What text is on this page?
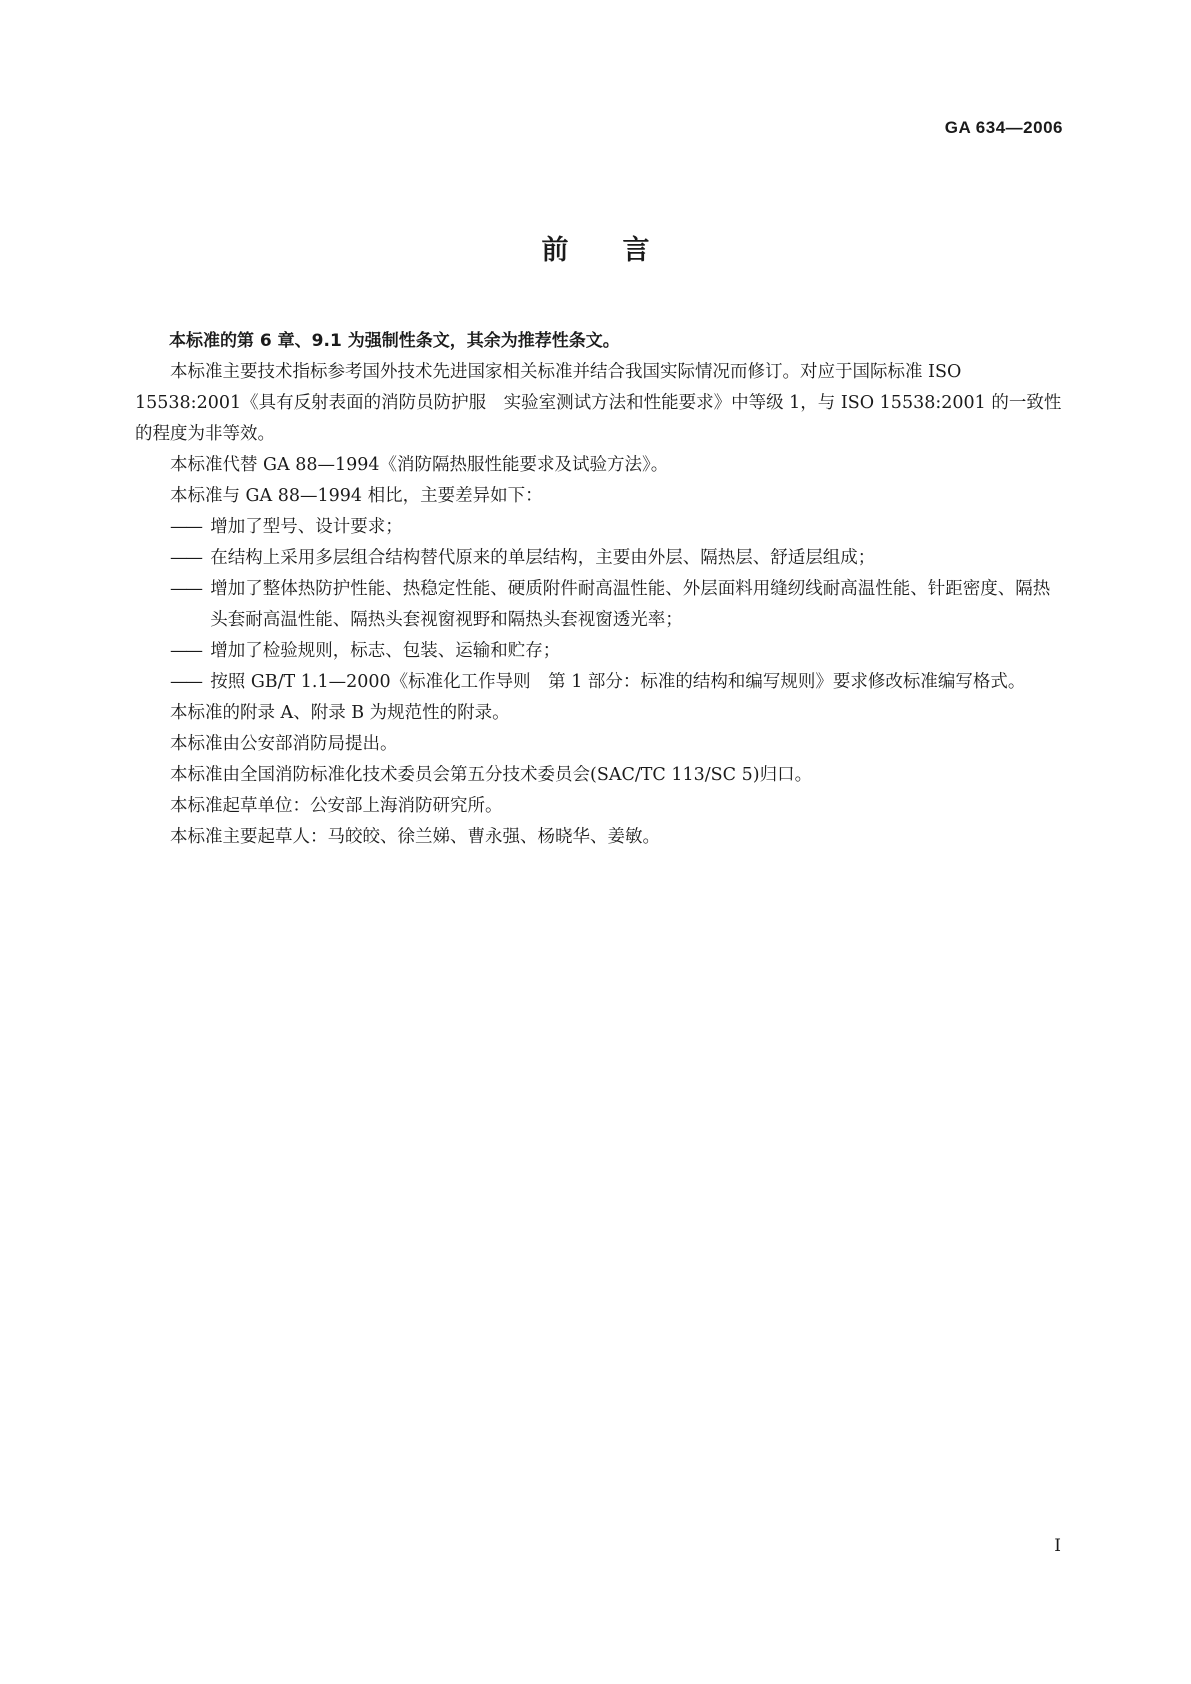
GA 634—2006
前 言

本标准的第 6 章、9.1 为强制性条文，其余为推荐性条文。

本标准主要技术指标参考国外技术先进国家相关标准并结合我国实际情况而修订。对应于国际标准 ISO 15538:2001《具有反射表面的消防员防护服　实验室测试方法和性能要求》中等级 1，与 ISO 15538:2001 的一致性的程度为非等效。

本标准代替 GA 88—1994《消防隔热服性能要求及试验方法》。

本标准与 GA 88—1994 相比，主要差异如下：

—— 增加了型号、设计要求；
—— 在结构上采用多层组合结构替代原来的单层结构，主要由外层、隔热层、舒适层组成；
—— 增加了整体热防护性能、热稳定性能、硬质附件耐高温性能、外层面料用缝纫线耐高温性能、针距密度、隔热头套耐高温性能、隔热头套视窗视野和隔热头套视窗透光率；
—— 增加了检验规则，标志、包装、运输和贮存；
—— 按照 GB/T 1.1—2000《标准化工作导则　第 1 部分：标准的结构和编写规则》要求修改标准编写格式。

本标准的附录 A、附录 B 为规范性的附录。

本标准由公安部消防局提出。

本标准由全国消防标准化技术委员会第五分技术委员会(SAC/TC 113/SC 5)归口。

本标准起草单位：公安部上海消防研究所。

本标准主要起草人：马皎皎、徐兰娣、曹永强、杨晓华、姜敏。

I
